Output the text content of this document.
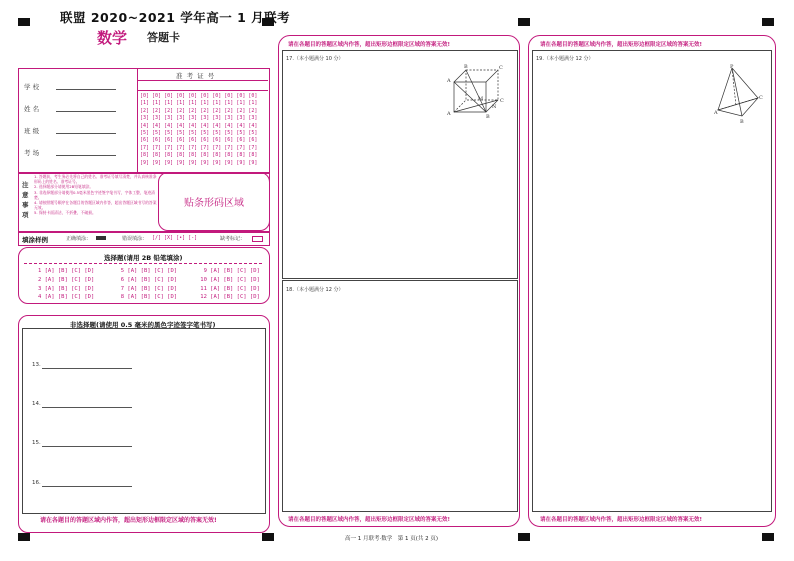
联盟 2020~2021 学年高一 1 月联考
数学 答题卡
准 考 证 号
学 校
姓 名
班 级
考 场
[0] [0] [0] [0] [0] [0] [0] [0] [0] [0]
[1] [1] [1] [1] [1] [1] [1] [1] [1] [1]
[2] [2] [2] [2] [2] [2] [2] [2] [2] [2]
[3] [3] [3] [3] [3] [3] [3] [3] [3] [3]
[4] [4] [4] [4] [4] [4] [4] [4] [4] [4]
[5] [5] [5] [5] [5] [5] [5] [5] [5] [5]
[6] [6] [6] [6] [6] [6] [6] [6] [6] [6]
[7] [7] [7] [7] [7] [7] [7] [7] [7] [7]
[8] [8] [8] [8] [8] [8] [8] [8] [8] [8]
[9] [9] [9] [9] [9] [9] [9] [9] [9] [9]
注意事项
1. 答题前，考生务必先将自己的姓名、准考证号填写清楚，并认真核准条形码上的姓名、准考证号。
2. 选择题部分请使用2B铅笔填涂。
3. 非选择题部分请使用0.5毫米黑色字迹签字笔书写，字体工整，笔迹清楚。
4. 请按照题号顺序在各题目的答题区域内作答，超出答题区域书写的答案无效。
5. 保持卡面清洁，不折叠，不破损。
贴条形码区域
填涂样例	正确填涂：	错误填涂： [/] [X] [•] [-]	缺考标记：
选择题(请用 2B 铅笔填涂)
1 [A] [B] [C] [D]        5 [A] [B] [C] [D]        9 [A] [B] [C] [D]
2 [A] [B] [C] [D]        6 [A] [B] [C] [D]       10 [A] [B] [C] [D]
3 [A] [B] [C] [D]        7 [A] [B] [C] [D]       11 [A] [B] [C] [D]
4 [A] [B] [C] [D]        8 [A] [B] [C] [D]       12 [A] [B] [C] [D]
非选择题(请使用 0.5 毫米的黑色字迹签字笔书写)
13.
14.
15.
16.
请在各题目的答题区域内作答，超出矩形边框限定区域的答案无效!
请在各题目的答题区域内作答，超出矩形边框限定区域的答案无效!
17.（本小题满分 10 分）
A
B	C
A	B
C
M
N
18.（本小题满分 12 分）
请在各题目的答题区域内作答，超出矩形边框限定区域的答案无效!
请在各题目的答题区域内作答，超出矩形边框限定区域的答案无效!
19.（本小题满分 12 分）
P
A
B
C
请在各题目的答题区域内作答，超出矩形边框限定区域的答案无效!
高一 1 月联考·数学　第 1 页(共 2 页)
